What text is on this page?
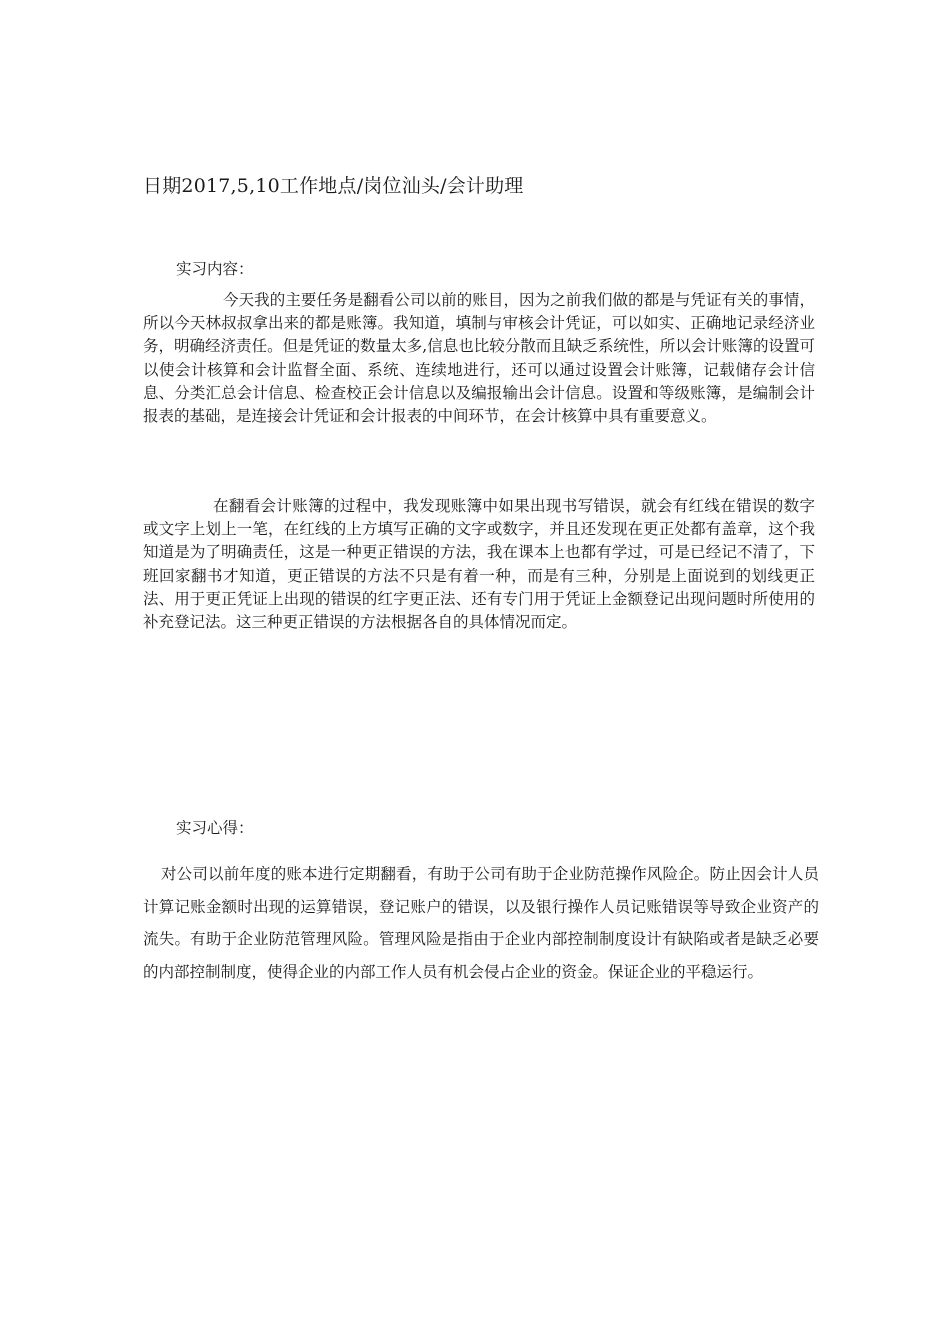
日期2017,5,10工作地点/岗位汕头/会计助理
实习内容：

今天我的主要任务是翻看公司以前的账目，因为之前我们做的都是与凭证有关的事情，所以今天林叔叔拿出来的都是账簿。我知道，填制与审核会计凭证，可以如实、正确地记录经济业务，明确经济责任。但是凭证的数量太多,信息也比较分散而且缺乏系统性，所以会计账簿的设置可以使会计核算和会计监督全面、系统、连续地进行，还可以通过设置会计账簿，记载储存会计信息、分类汇总会计信息、检查校正会计信息以及编报输出会计信息。设置和等级账簿，是编制会计报表的基础，是连接会计凭证和会计报表的中间环节，在会计核算中具有重要意义。

在翻看会计账簿的过程中，我发现账簿中如果出现书写错误，就会有红线在错误的数字或文字上划上一笔，在红线的上方填写正确的文字或数字，并且还发现在更正处都有盖章，这个我知道是为了明确责任，这是一种更正错误的方法，我在课本上也都有学过，可是已经记不清了，下班回家翻书才知道，更正错误的方法不只是有着一种，而是有三种，分别是上面说到的划线更正法、用于更正凭证上出现的错误的红字更正法、还有专门用于凭证上金额登记出现问题时所使用的补充登记法。这三种更正错误的方法根据各自的具体情况而定。

实习心得：

对公司以前年度的账本进行定期翻看，有助于公司有助于企业防范操作风险企。防止因会计人员计算记账金额时出现的运算错误，登记账户的错误，以及银行操作人员记账错误等导致企业资产的流失。有助于企业防范管理风险。管理风险是指由于企业内部控制制度设计有缺陷或者是缺乏必要的内部控制制度，使得企业的内部工作人员有机会侵占企业的资金。保证企业的平稳运行。
